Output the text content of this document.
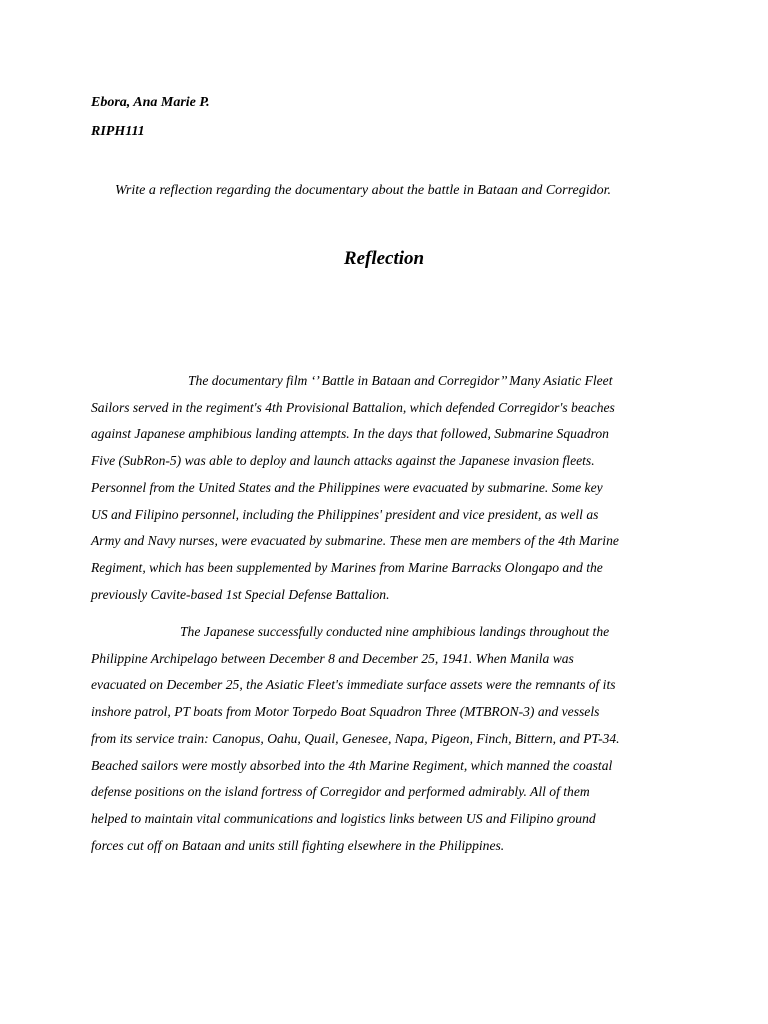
Ebora, Ana Marie P.
RIPH111
Write a reflection regarding the documentary about the battle in Bataan and Corregidor.
Reflection
The documentary film ‘’ Battle in Bataan and Corregidor’’ Many Asiatic Fleet
Sailors served in the regiment's 4th Provisional Battalion, which defended Corregidor's beaches
against Japanese amphibious landing attempts. In the days that followed, Submarine Squadron
Five (SubRon-5) was able to deploy and launch attacks against the Japanese invasion fleets.
Personnel from the United States and the Philippines were evacuated by submarine. Some key
US and Filipino personnel, including the Philippines' president and vice president, as well as
Army and Navy nurses, were evacuated by submarine. These men are members of the 4th Marine
Regiment, which has been supplemented by Marines from Marine Barracks Olongapo and the
previously Cavite-based 1st Special Defense Battalion.
The Japanese successfully conducted nine amphibious landings throughout the
Philippine Archipelago between December 8 and December 25, 1941. When Manila was
evacuated on December 25, the Asiatic Fleet's immediate surface assets were the remnants of its
inshore patrol, PT boats from Motor Torpedo Boat Squadron Three (MTBRON-3) and vessels
from its service train: Canopus, Oahu, Quail, Genesee, Napa, Pigeon, Finch, Bittern, and PT-34.
Beached sailors were mostly absorbed into the 4th Marine Regiment, which manned the coastal
defense positions on the island fortress of Corregidor and performed admirably. All of them
helped to maintain vital communications and logistics links between US and Filipino ground
forces cut off on Bataan and units still fighting elsewhere in the Philippines.
